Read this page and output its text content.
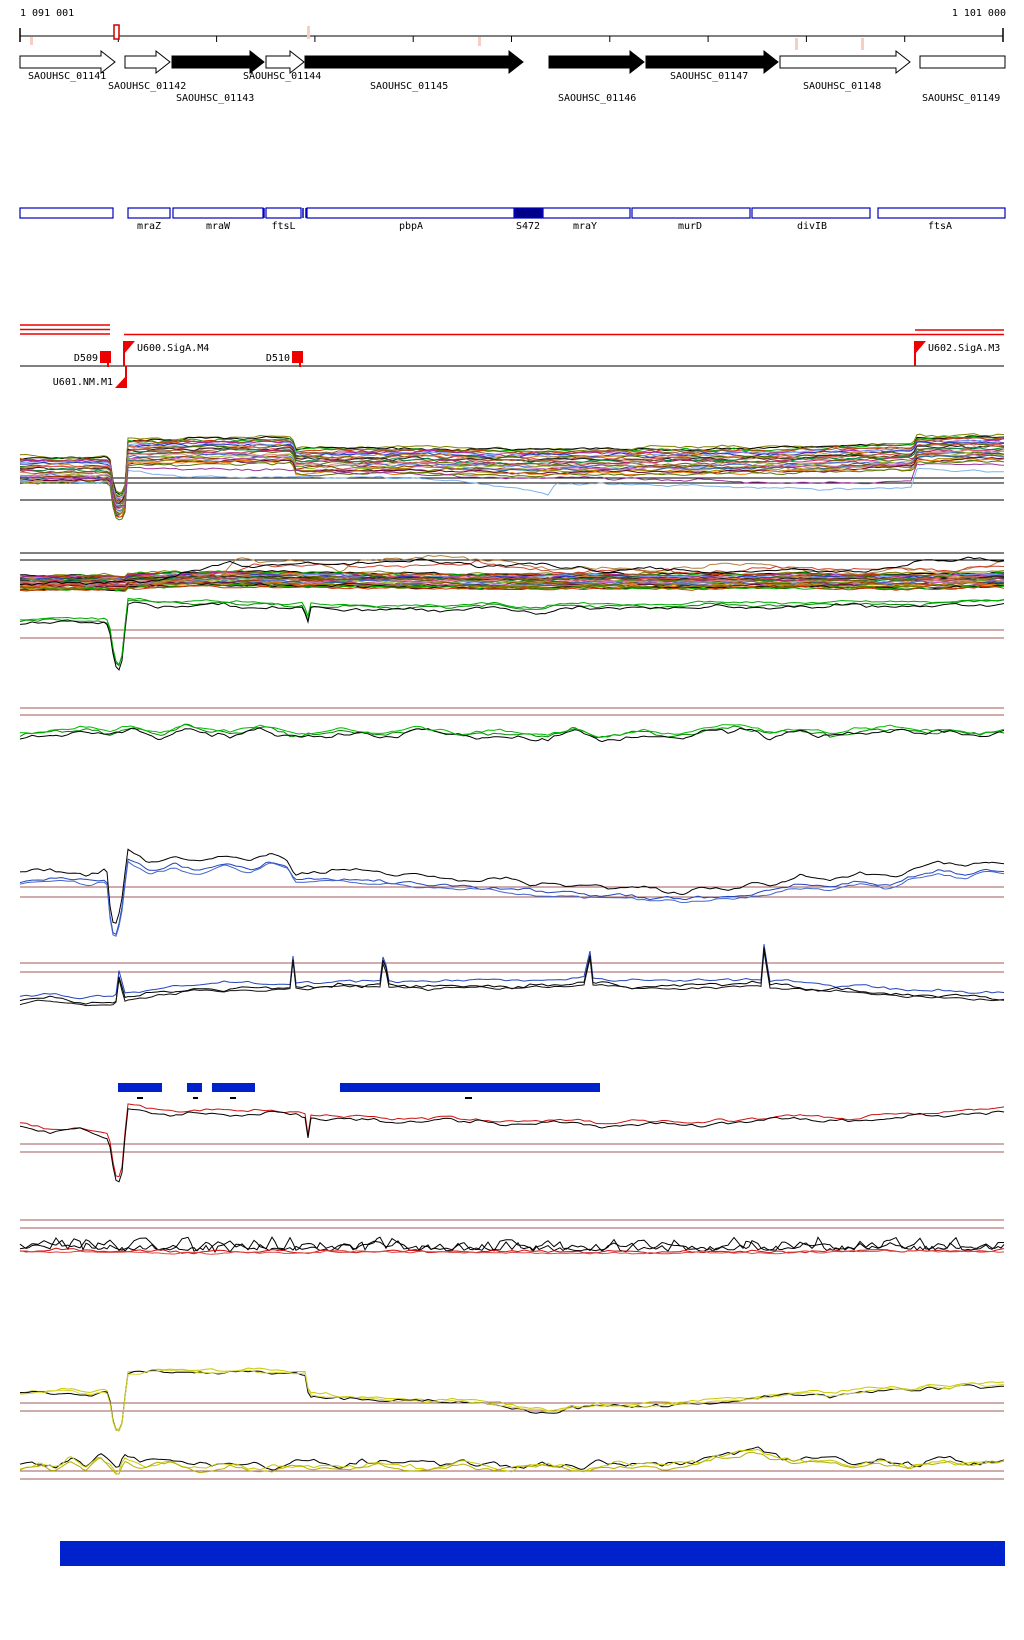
1 091 001	1 101 000
SAOUHSC_01141
SAOUHSC_01142
SAOUHSC_01143
SAOUHSC_01144
SAOUHSC_01145
SAOUHSC_01146
SAOUHSC_01147
SAOUHSC_01148
SAOUHSC_01149
mraZ	mraW	ftsL	pbpA	S472	mraY	murD	divIB	ftsA
D509	D510
U600.SigA.M4	U602.SigA.M3
U601.NM.M1
